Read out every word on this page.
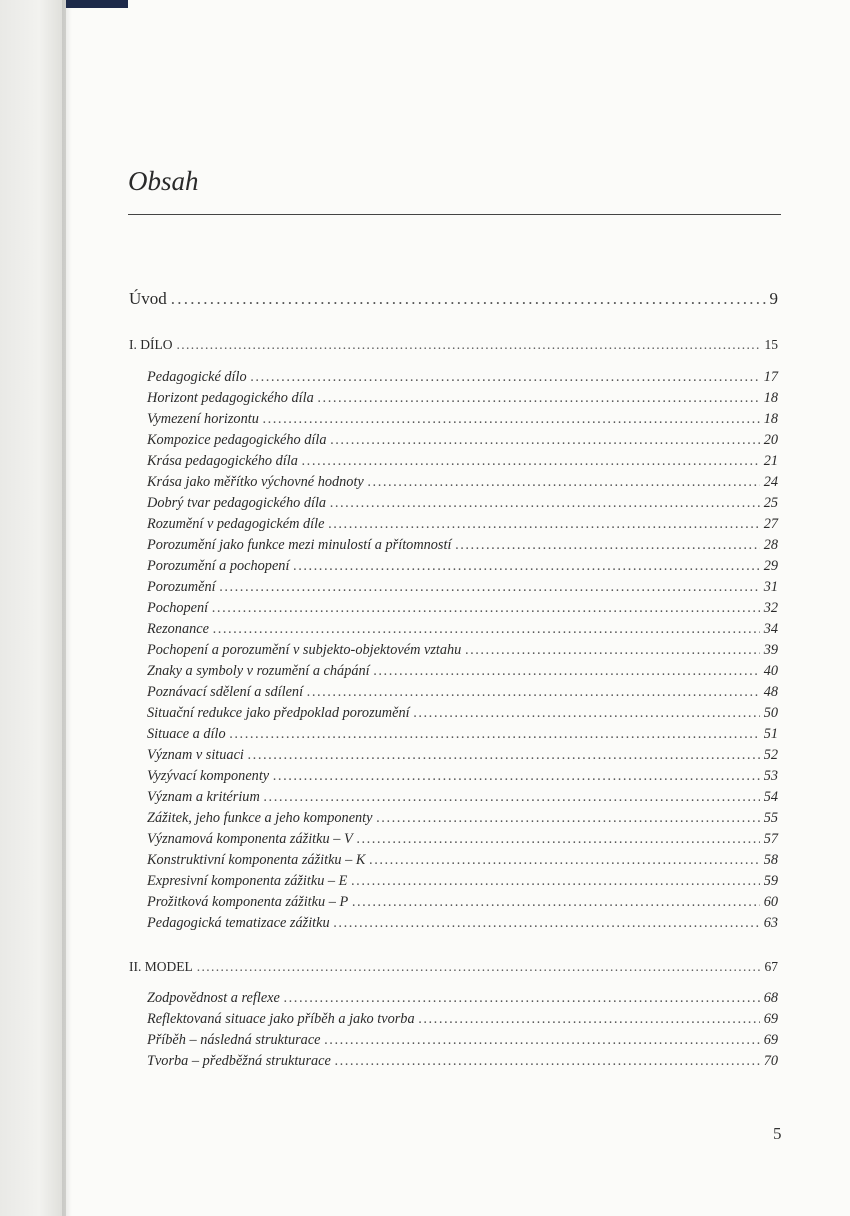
Obsah
Úvod . . .	9
I. DÍLO . . .	15
Pedagogické dílo . . .	17
Horizont pedagogického díla . . .	18
Vymezení horizontu . . .	18
Kompozice pedagogického díla . . .	20
Krása pedagogického díla . . .	21
Krása jako měřítko výchovné hodnoty . . .	24
Dobrý tvar pedagogického díla . . .	25
Rozumění v pedagogickém díle . . .	27
Porozumění jako funkce mezi minulostí a přítomností . . .	28
Porozumění a pochopení . . .	29
Porozumění . . .	31
Pochopení . . .	32
Rezonance . . .	34
Pochopení a porozumění v subjekto-objektovém vztahu . . .	39
Znaky a symboly v rozumění a chápání . . .	40
Poznávací sdělení a sdílení . . .	48
Situační redukce jako předpoklad porozumění . . .	50
Situace a dílo . . .	51
Význam v situaci . . .	52
Vyzývací komponenty . . .	53
Význam a kritérium . . .	54
Zážitek, jeho funkce a jeho komponenty . . .	55
Významová komponenta zážitku – V . . .	57
Konstruktivní komponenta zážitku – K . . .	58
Expresivní komponenta zážitku – E . . .	59
Prožitková komponenta zážitku – P . . .	60
Pedagogická tematizace zážitku . . .	63
II. MODEL . . .	67
Zodpovědnost a reflexe . . .	68
Reflektovaná situace jako příběh a jako tvorba . . .	69
Příběh – následná strukturace . . .	69
Tvorba – předběžná strukturace . . .	70
5
